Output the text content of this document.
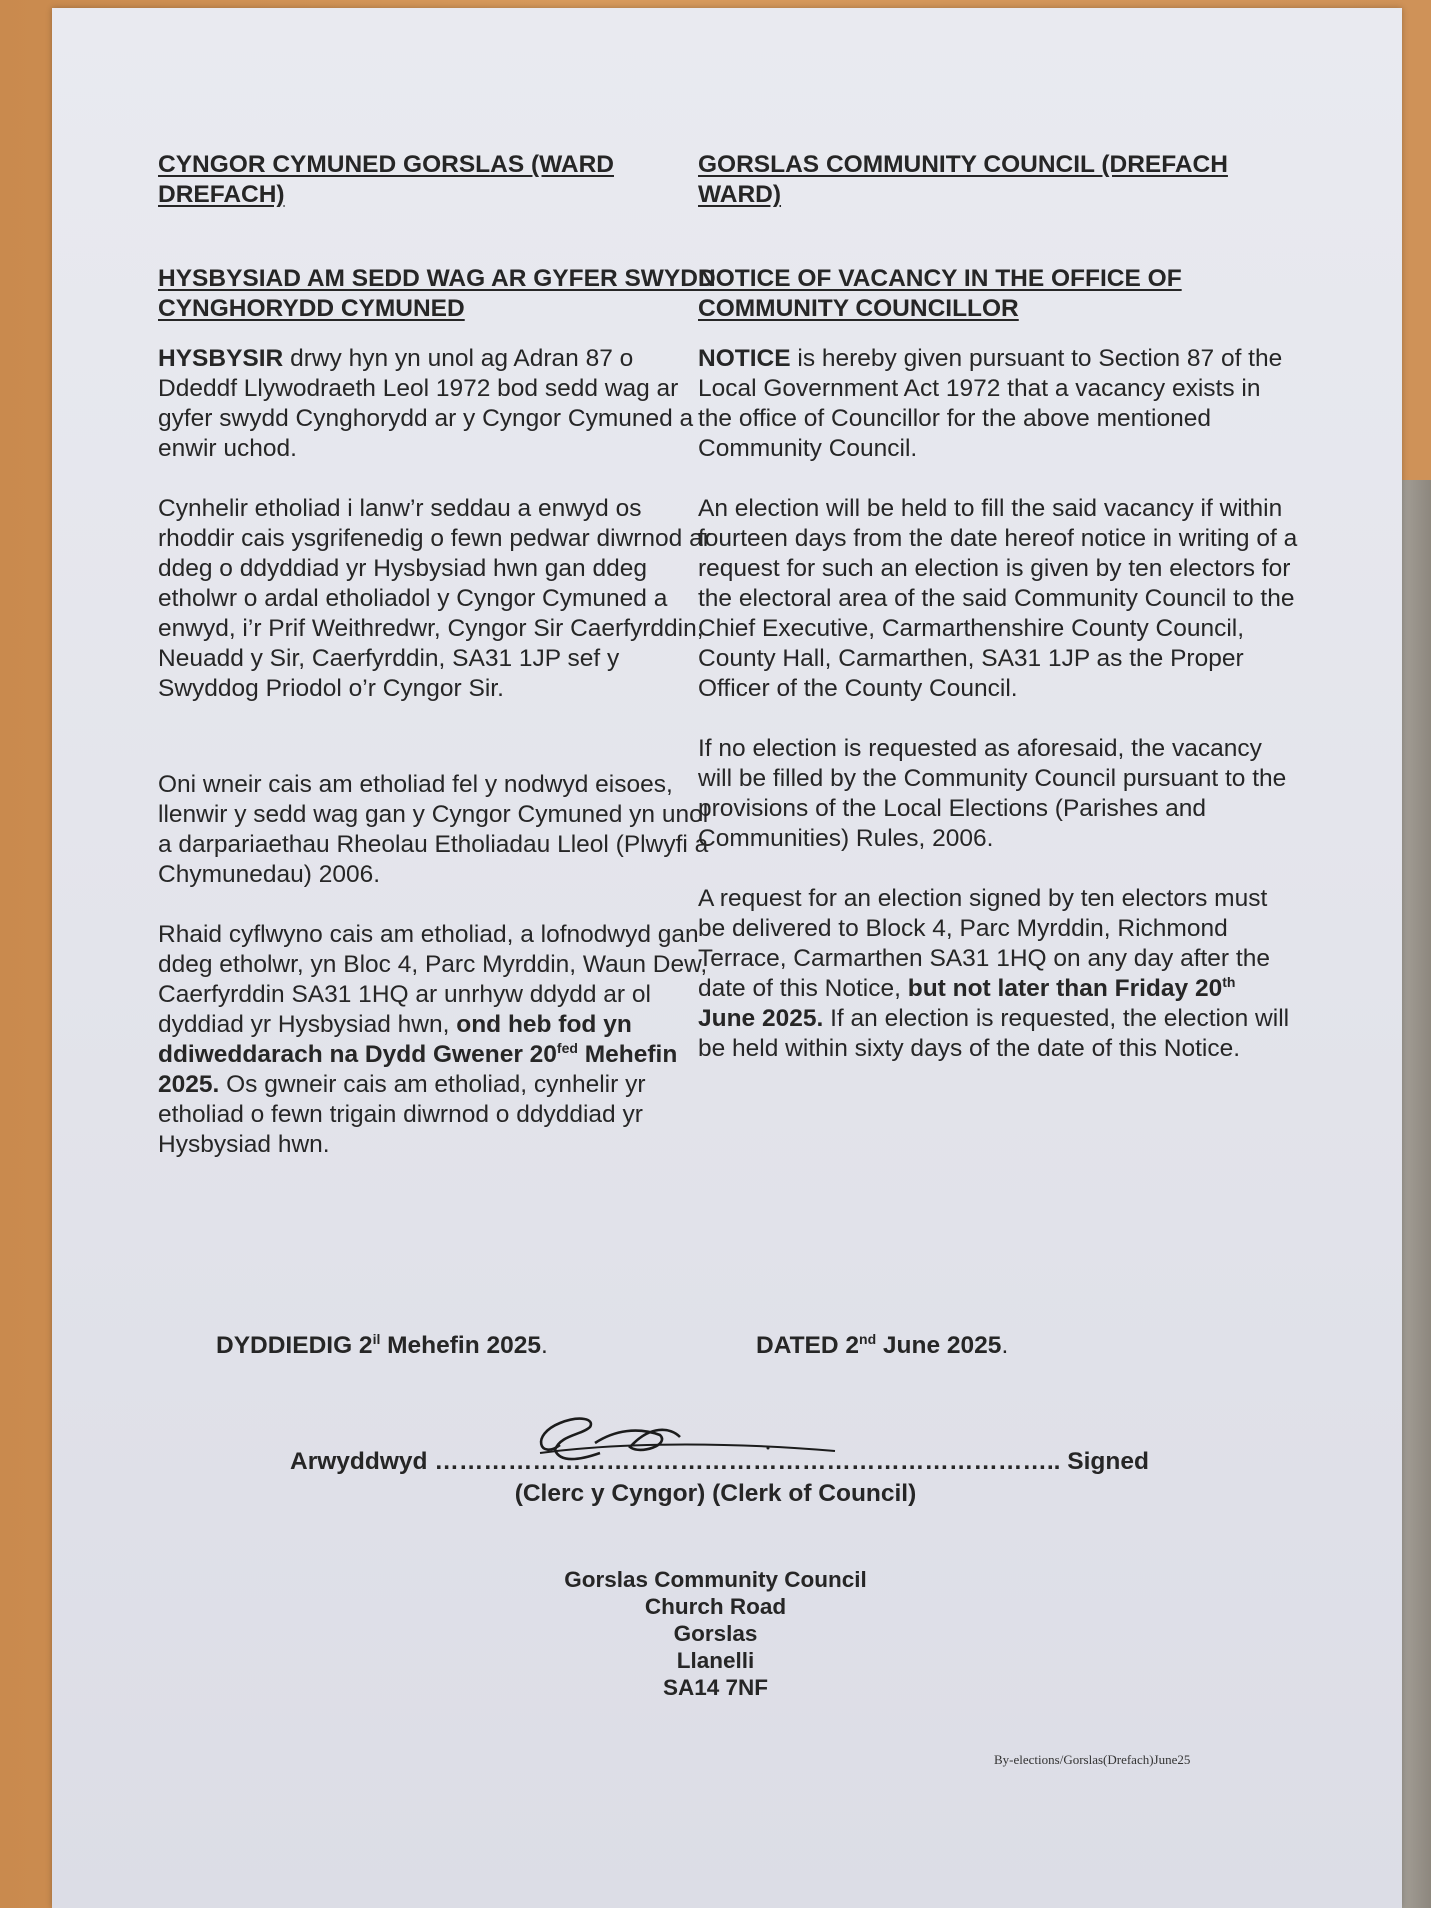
CYNGOR CYMUNED GORSLAS (WARD DREFACH)
HYSBYSIAD AM SEDD WAG AR GYFER SWYDD CYNGHORYDD CYMUNED

HYSBYSIR drwy hyn yn unol ag Adran 87 o Ddeddf Llywodraeth Leol 1972 bod sedd wag ar gyfer swydd Cynghorydd ar y Cyngor Cymuned a enwir uchod.

Cynhelir etholiad i lanw’r seddau a enwyd os rhoddir cais ysgrifenedig o fewn pedwar diwrnod ar ddeg o ddyddiad yr Hysbysiad hwn gan ddeg etholwr o ardal etholiadol y Cyngor Cymuned a enwyd, i’r Prif Weithredwr, Cyngor Sir Caerfyrddin, Neuadd y Sir, Caerfyrddin, SA31 1JP sef y Swyddog Priodol o’r Cyngor Sir.

Oni wneir cais am etholiad fel y nodwyd eisoes, llenwir y sedd wag gan y Cyngor Cymuned yn unol a darpariaethau Rheolau Etholiadau Lleol (Plwyfi a Chymunedau) 2006.

Rhaid cyflwyno cais am etholiad, a lofnodwyd gan ddeg etholwr, yn Bloc 4, Parc Myrddin, Waun Dew, Caerfyrddin SA31 1HQ ar unrhyw ddydd ar ol dyddiad yr Hysbysiad hwn, ond heb fod yn ddiweddarach na Dydd Gwener $20^{fed}$ Mehefin 2025. Os gwneir cais am etholiad, cynhelir yr etholiad o fewn trigain diwrnod o ddyddiad yr Hysbysiad hwn.

GORSLAS COMMUNITY COUNCIL (DREFACH WARD)
NOTICE OF VACANCY IN THE OFFICE OF COMMUNITY COUNCILLOR

NOTICE is hereby given pursuant to Section 87 of the Local Government Act 1972 that a vacancy exists in the office of Councillor for the above mentioned Community Council.

An election will be held to fill the said vacancy if within fourteen days from the date hereof notice in writing of a request for such an election is given by ten electors for the electoral area of the said Community Council to the Chief Executive, Carmarthenshire County Council, County Hall, Carmarthen, SA31 1JP as the Proper Officer of the County Council.

If no election is requested as aforesaid, the vacancy will be filled by the Community Council pursuant to the provisions of the Local Elections (Parishes and Communities) Rules, 2006.

A request for an election signed by ten electors must be delivered to Block 4, Parc Myrddin, Richmond Terrace, Carmarthen SA31 1HQ on any day after the date of this Notice, but not later than Friday 20th June 2025. If an election is requested, the election will be held within sixty days of the date of this Notice.

DYDDIEDIG $2^{il}$ Mehefin 2025.	DATED 2nd June 2025.
Arwyddwyd ………………………………………………………………….. Signed
(Clerc y Cyngor) (Clerk of Council)
Gorslas Community Council
Church Road
Gorslas
Llanelli
SA14 7NF
By-elections/Gorslas(Drefach)June25
